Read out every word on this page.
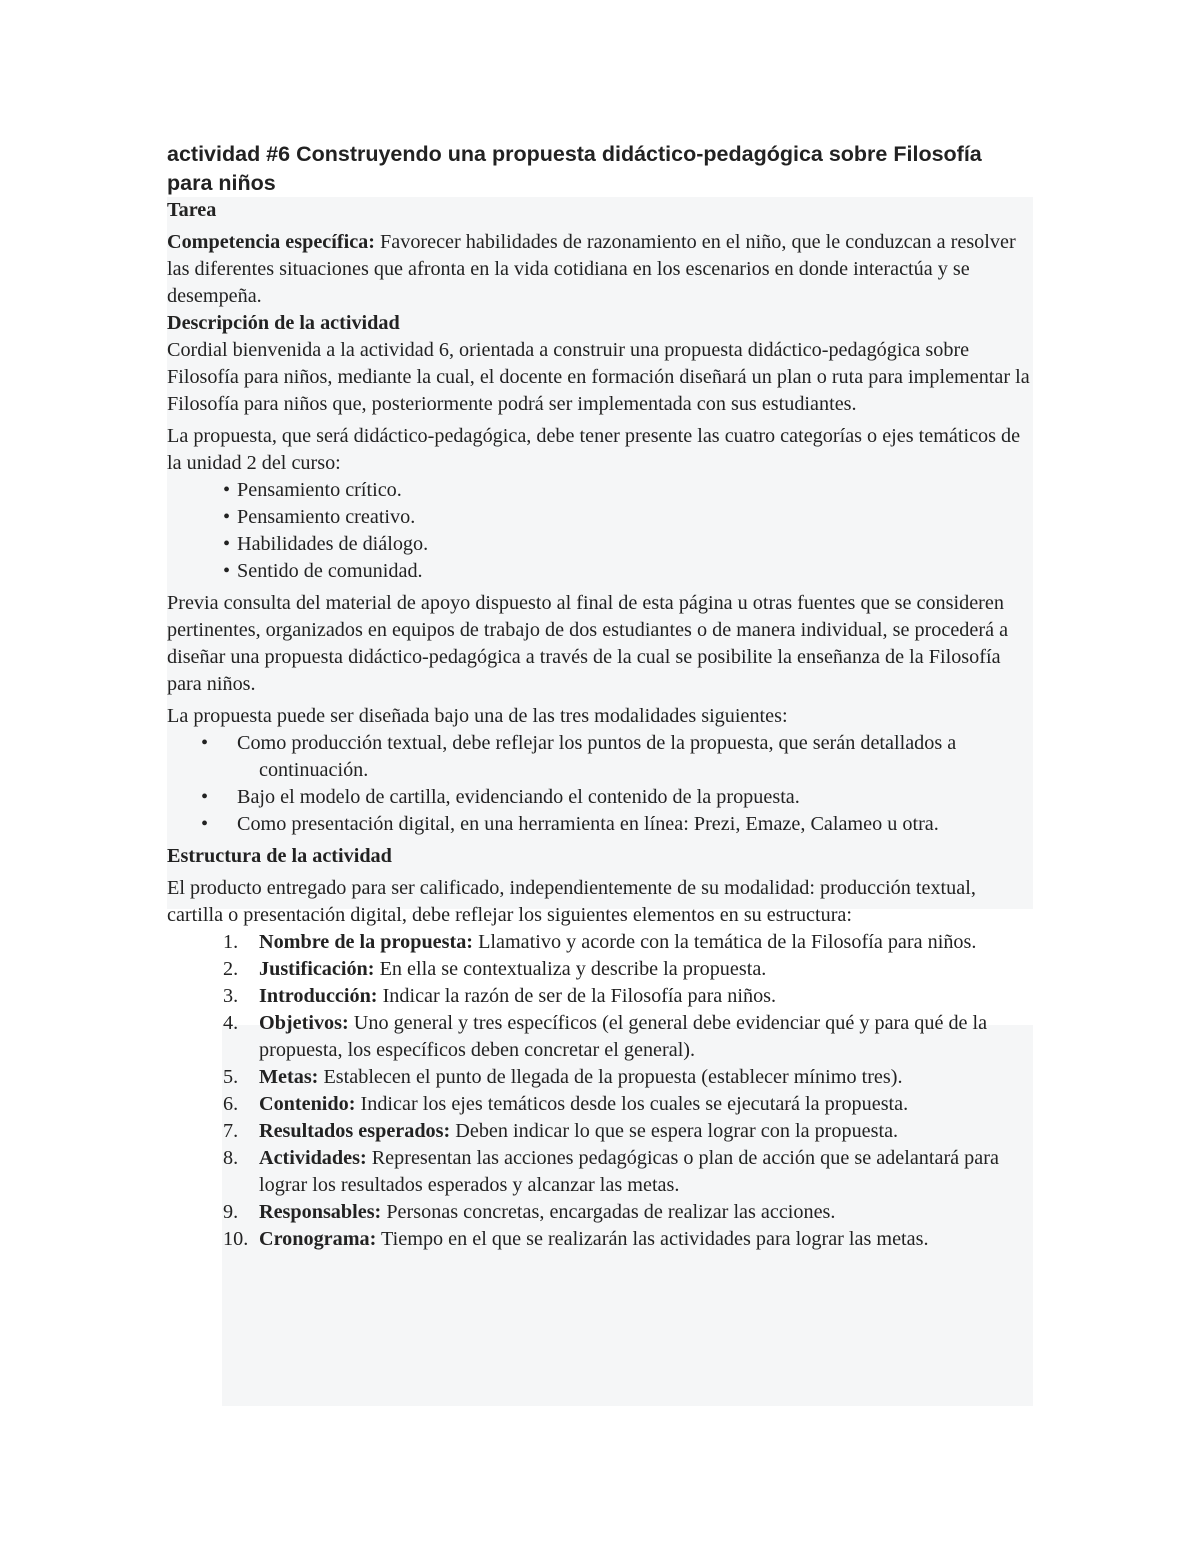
actividad #6 Construyendo una propuesta didáctico-pedagógica sobre Filosofía para niños

Tarea

Competencia específica: Favorecer habilidades de razonamiento en el niño, que le conduzcan a resolver las diferentes situaciones que afronta en la vida cotidiana en los escenarios en donde interactúa y se desempeña.

Descripción de la actividad

Cordial bienvenida a la actividad 6, orientada a construir una propuesta didáctico-pedagógica sobre Filosofía para niños, mediante la cual, el docente en formación diseñará un plan o ruta para implementar la Filosofía para niños que, posteriormente podrá ser implementada con sus estudiantes.

La propuesta, que será didáctico-pedagógica, debe tener presente las cuatro categorías o ejes temáticos de la unidad 2 del curso:

• Pensamiento crítico.
• Pensamiento creativo.
• Habilidades de diálogo.
• Sentido de comunidad.

Previa consulta del material de apoyo dispuesto al final de esta página u otras fuentes que se consideren pertinentes, organizados en equipos de trabajo de dos estudiantes o de manera individual, se procederá a diseñar una propuesta didáctico-pedagógica a través de la cual se posibilite la enseñanza de la Filosofía para niños.

La propuesta puede ser diseñada bajo una de las tres modalidades siguientes:

• Como producción textual, debe reflejar los puntos de la propuesta, que serán detallados a continuación.
• Bajo el modelo de cartilla, evidenciando el contenido de la propuesta.
• Como presentación digital, en una herramienta en línea: Prezi, Emaze, Calameo u otra.

Estructura de la actividad

El producto entregado para ser calificado, independientemente de su modalidad: producción textual, cartilla o presentación digital, debe reflejar los siguientes elementos en su estructura:

1. Nombre de la propuesta: Llamativo y acorde con la temática de la Filosofía para niños.
2. Justificación: En ella se contextualiza y describe la propuesta.
3. Introducción: Indicar la razón de ser de la Filosofía para niños.
4. Objetivos: Uno general y tres específicos (el general debe evidenciar qué y para qué de la propuesta, los específicos deben concretar el general).
5. Metas: Establecen el punto de llegada de la propuesta (establecer mínimo tres).
6. Contenido: Indicar los ejes temáticos desde los cuales se ejecutará la propuesta.
7. Resultados esperados: Deben indicar lo que se espera lograr con la propuesta.
8. Actividades: Representan las acciones pedagógicas o plan de acción que se adelantará para lograr los resultados esperados y alcanzar las metas.
9. Responsables: Personas concretas, encargadas de realizar las acciones.
10. Cronograma: Tiempo en el que se realizarán las actividades para lograr las metas.
